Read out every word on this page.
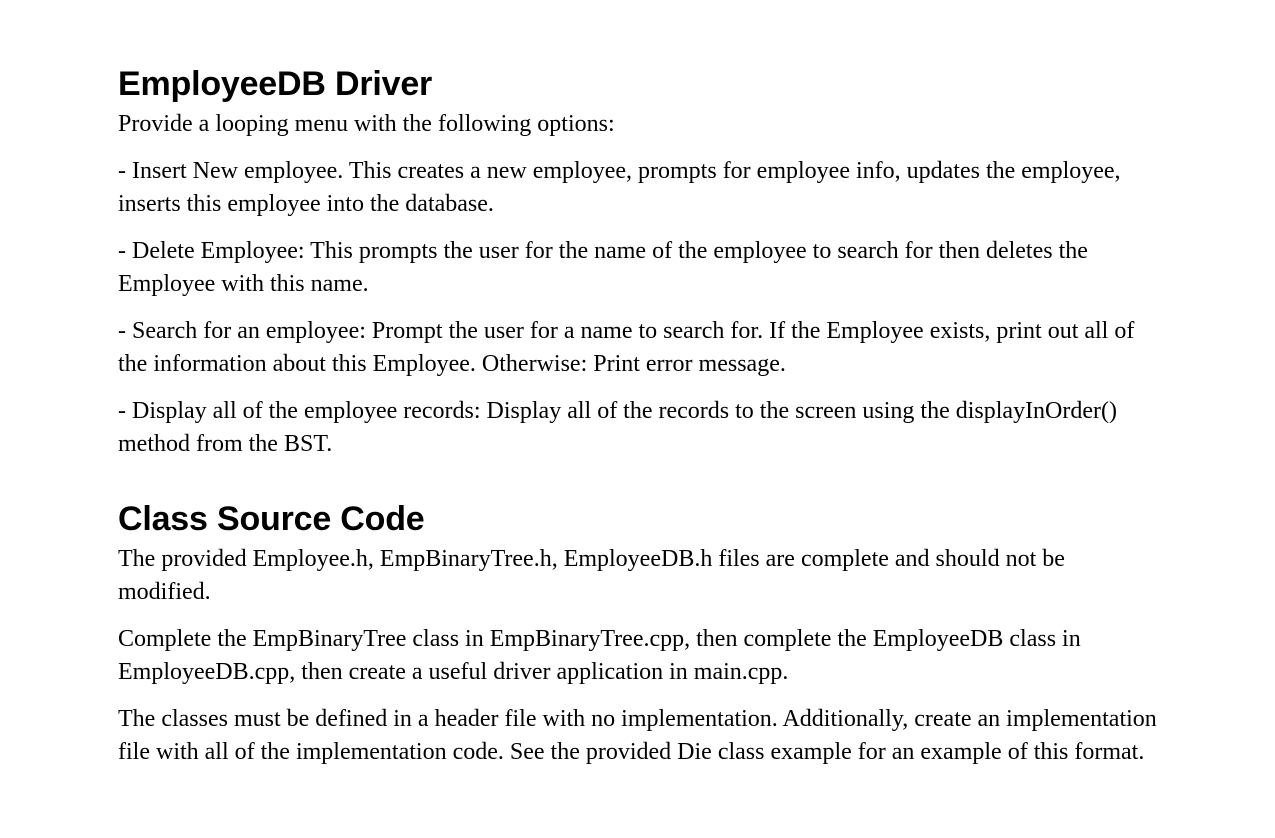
EmployeeDB Driver

Provide a looping menu with the following options:

- Insert New employee. This creates a new employee, prompts for employee info, updates the employee, inserts this employee into the database.

- Delete Employee: This prompts the user for the name of the employee to search for then deletes the Employee with this name.

- Search for an employee: Prompt the user for a name to search for. If the Employee exists, print out all of the information about this Employee. Otherwise: Print error message.

- Display all of the employee records: Display all of the records to the screen using the displayInOrder() method from the BST.

Class Source Code

The provided Employee.h, EmpBinaryTree.h, EmployeeDB.h files are complete and should not be modified.

Complete the EmpBinaryTree class in EmpBinaryTree.cpp, then complete the EmployeeDB class in EmployeeDB.cpp, then create a useful driver application in main.cpp.

The classes must be defined in a header file with no implementation. Additionally, create an implementation file with all of the implementation code. See the provided Die class example for an example of this format.
